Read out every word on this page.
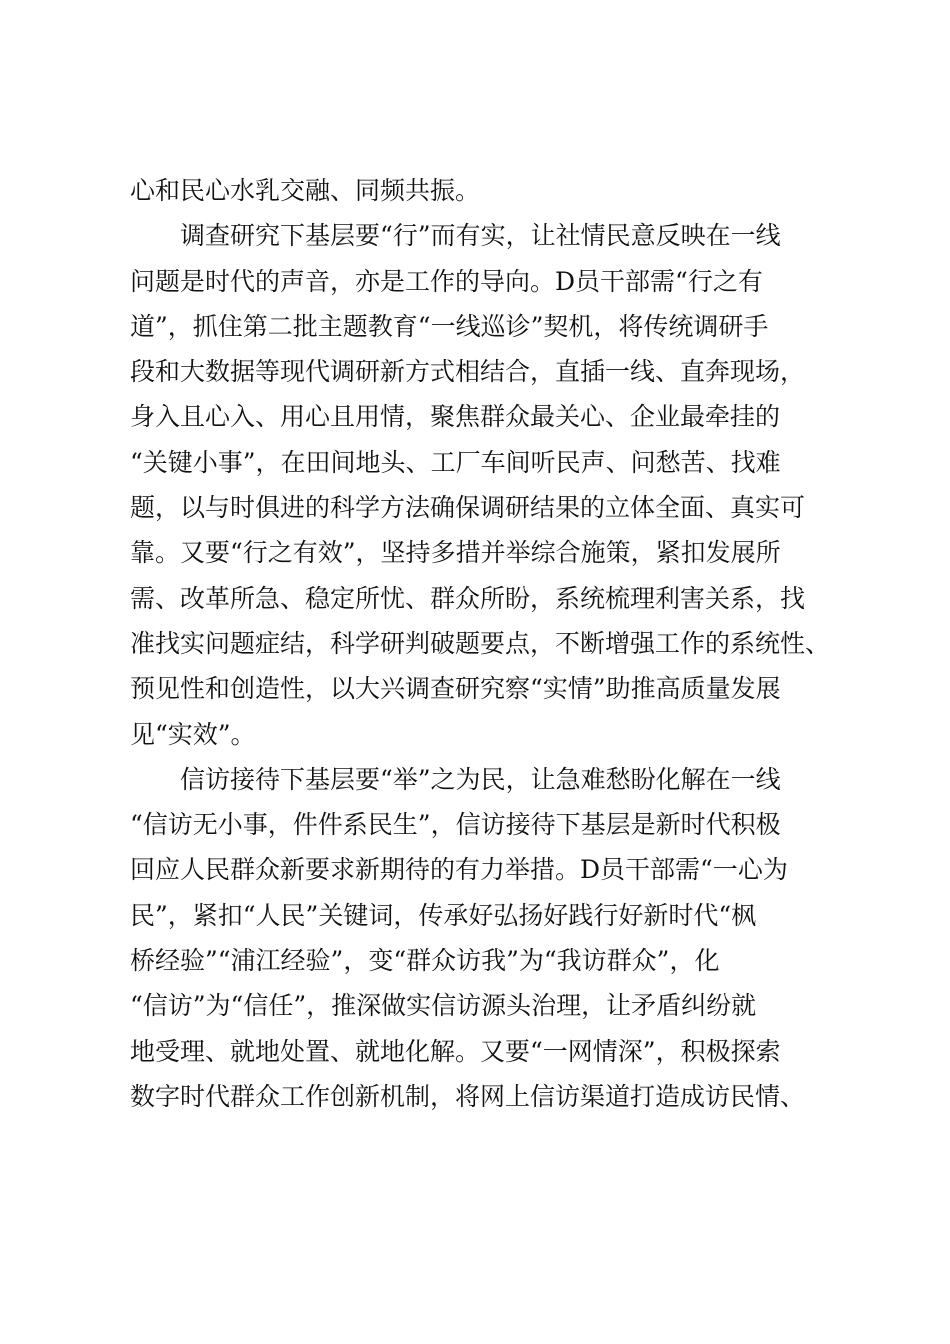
心和民心水乳交融、同频共振。
调查研究下基层要“行”而有实，让社情民意反映在一线
问题是时代的声音，亦是工作的导向。D员干部需“行之有
道”，抓住第二批主题教育“一线巡诊”契机，将传统调研手
段和大数据等现代调研新方式相结合，直插一线、直奔现场，
身入且心入、用心且用情，聚焦群众最关心、企业最牵挂的
“关键小事”，在田间地头、工厂车间听民声、问愁苦、找难
题，以与时俱进的科学方法确保调研结果的立体全面、真实可
靠。又要“行之有效”，坚持多措并举综合施策，紧扣发展所
需、改革所急、稳定所忧、群众所盼，系统梳理利害关系，找
准找实问题症结，科学研判破题要点，不断增强工作的系统性、
预见性和创造性，以大兴调查研究察“实情”助推高质量发展
见“实效”。
信访接待下基层要“举”之为民，让急难愁盼化解在一线
“信访无小事，件件系民生”，信访接待下基层是新时代积极
回应人民群众新要求新期待的有力举措。D员干部需“一心为
民”，紧扣“人民”关键词，传承好弘扬好践行好新时代“枫
桥经验”“浦江经验”，变“群众访我”为“我访群众”，化
“信访”为“信任”，推深做实信访源头治理，让矛盾纠纷就
地受理、就地处置、就地化解。又要“一网情深”，积极探索
数字时代群众工作创新机制，将网上信访渠道打造成访民情、
